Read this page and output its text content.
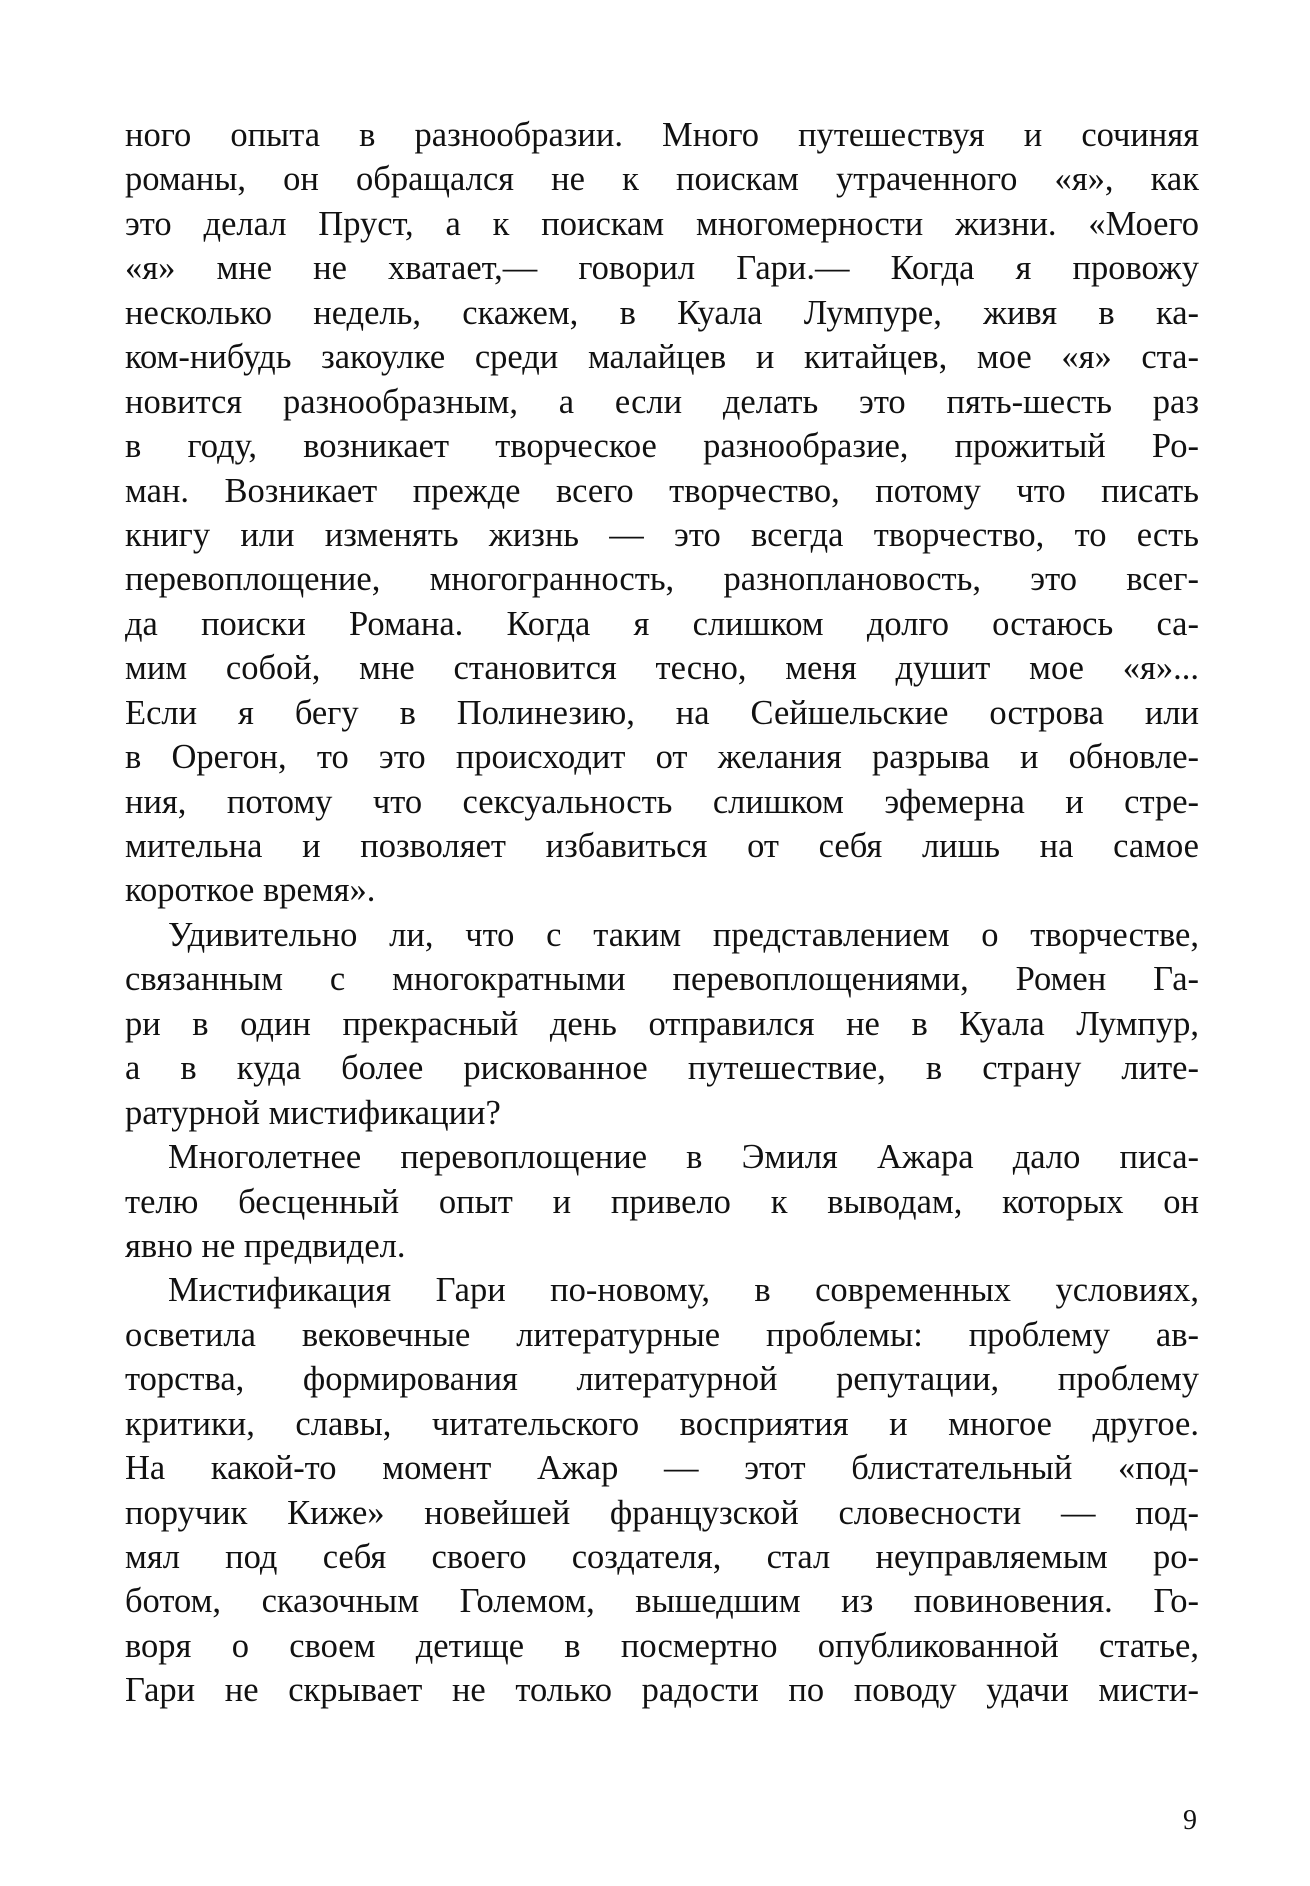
ного опыта в разнообразии. Много путешествуя и сочиняя
романы, он обращался не к поискам утраченного «я», как
это делал Пруст, а к поискам многомерности жизни. «Моего
«я» мне не хватает,— говорил Гари.— Когда я провожу
несколько недель, скажем, в Куала Лумпуре, живя в ка-
ком-нибудь закоулке среди малайцев и китайцев, мое «я» ста-
новится разнообразным, а если делать это пять-шесть раз
в году, возникает творческое разнообразие, прожитый Ро-
ман. Возникает прежде всего творчество, потому что писать
книгу или изменять жизнь — это всегда творчество, то есть
перевоплощение, многогранность, разноплановость, это всег-
да поиски Романа. Когда я слишком долго остаюсь са-
мим собой, мне становится тесно, меня душит мое «я»...
Если я бегу в Полинезию, на Сейшельские острова или
в Орегон, то это происходит от желания разрыва и обновле-
ния, потому что сексуальность слишком эфемерна и стре-
мительна и позволяет избавиться от себя лишь на самое
короткое время».
Удивительно ли, что с таким представлением о творчестве,
связанным с многократными перевоплощениями, Ромен Га-
ри в один прекрасный день отправился не в Куала Лумпур,
а в куда более рискованное путешествие, в страну лите-
ратурной мистификации?
Многолетнее перевоплощение в Эмиля Ажара дало писа-
телю бесценный опыт и привело к выводам, которых он
явно не предвидел.
Мистификация Гари по-новому, в современных условиях,
осветила вековечные литературные проблемы: проблему ав-
торства, формирования литературной репутации, проблему
критики, славы, читательского восприятия и многое другое.
На какой-то момент Ажар — этот блистательный «под-
поручик Киже» новейшей французской словесности — под-
мял под себя своего создателя, стал неуправляемым ро-
ботом, сказочным Големом, вышедшим из повиновения. Го-
воря о своем детище в посмертно опубликованной статье,
Гари не скрывает не только радости по поводу удачи мисти-
9
